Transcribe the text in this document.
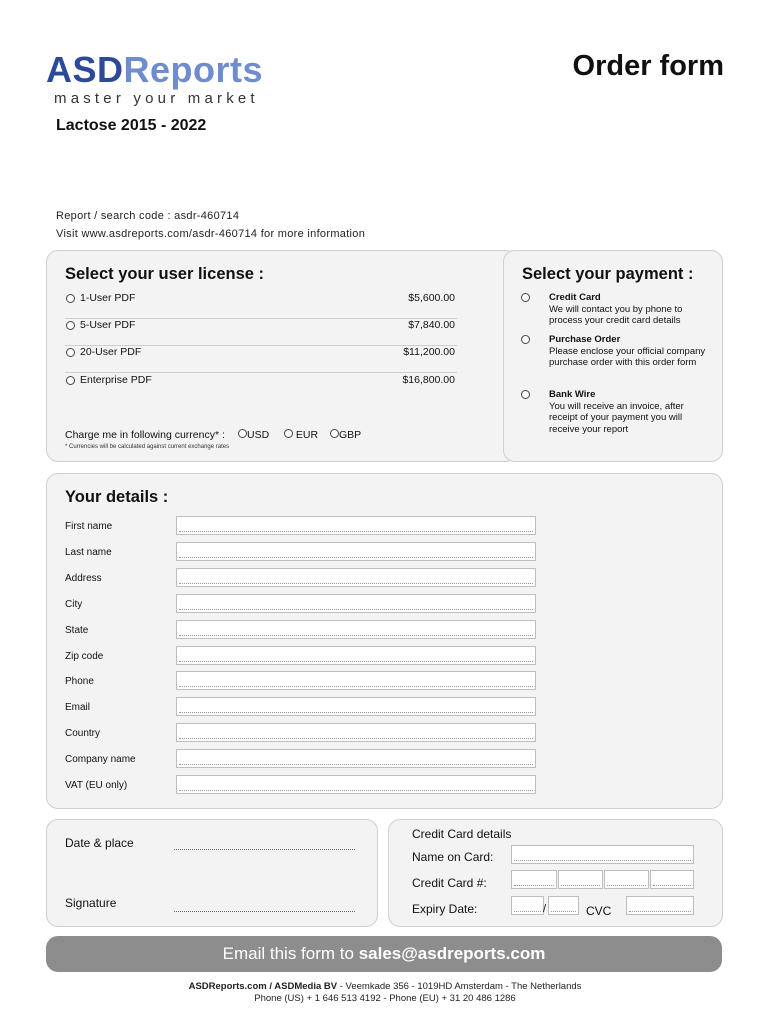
ASDReports
master your market
Order form
Lactose 2015 - 2022
Report / search code : asdr-460714
Visit www.asdreports.com/asdr-460714 for more information
Select your user license :	Select your payment :
1-User PDF	$5,600.00
5-User PDF	$7,840.00
20-User PDF	$11,200.00
Enterprise PDF	$16,800.00
Charge me in following currency* :	USD	EUR	GBP
* Currencies will be calculated against current exchange rates
Credit Card
We will contact you by phone to process your credit card details
Purchase Order
Please enclose your official company purchase order with this order form
Bank Wire
You will receive an invoice, after receipt of your payment you will receive your report
Your details :
First name
Last name
Address
City
State
Zip code
Phone
Email
Country
Company name
VAT (EU only)
Date & place
Signature
Credit Card details
Name on Card:
Credit Card #:
Expiry Date:	/	CVC
Email this form to sales@asdreports.com
ASDReports.com / ASDMedia BV - Veemkade 356 - 1019HD Amsterdam - The Netherlands
Phone (US) + 1 646 513 4192 - Phone (EU) + 31 20 486 1286
